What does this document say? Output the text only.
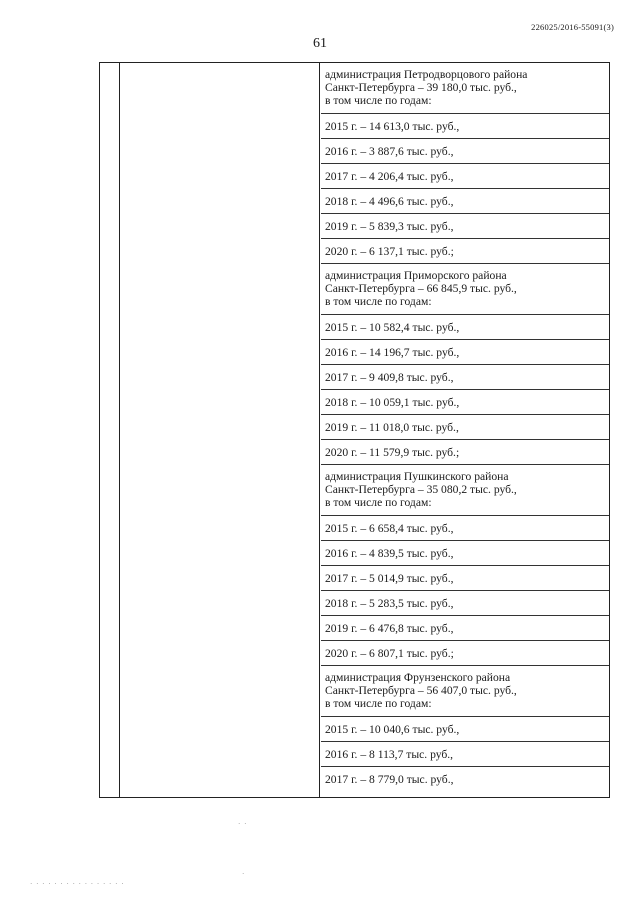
226025/2016-55091(3)
61
администрация Петродворцового района
Санкт-Петербурга – 39 180,0 тыс. руб.,
в том числе по годам:
2015 г. – 14 613,0 тыс. руб.,
2016 г. – 3 887,6 тыс. руб.,
2017 г. – 4 206,4 тыс. руб.,
2018 г. – 4 496,6 тыс. руб.,
2019 г. – 5 839,3 тыс. руб.,
2020 г. – 6 137,1 тыс. руб.;
администрация Приморского района
Санкт-Петербурга – 66 845,9 тыс. руб.,
в том числе по годам:
2015 г. – 10 582,4 тыс. руб.,
2016 г. – 14 196,7 тыс. руб.,
2017 г. – 9 409,8 тыс. руб.,
2018 г. – 10 059,1 тыс. руб.,
2019 г. – 11 018,0 тыс. руб.,
2020 г. – 11 579,9 тыс. руб.;
администрация Пушкинского района
Санкт-Петербурга – 35 080,2 тыс. руб.,
в том числе по годам:
2015 г. – 6 658,4 тыс. руб.,
2016 г. – 4 839,5 тыс. руб.,
2017 г. – 5 014,9 тыс. руб.,
2018 г. – 5 283,5 тыс. руб.,
2019 г. – 6 476,8 тыс. руб.,
2020 г. – 6 807,1 тыс. руб.;
администрация Фрунзенского района
Санкт-Петербурга – 56 407,0 тыс. руб.,
в том числе по годам:
2015 г. – 10 040,6 тыс. руб.,
2016 г. – 8 113,7 тыс. руб.,
2017 г. – 8 779,0 тыс. руб.,
· ·
·
· · · · · · · · · · · · · · · ·
